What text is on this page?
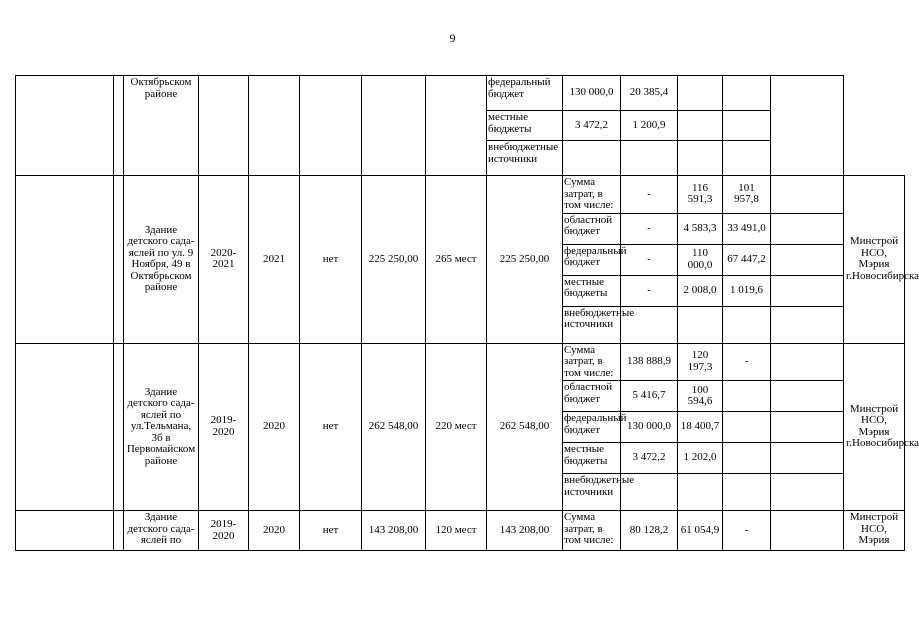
9
		Октябрьском районе						федеральный бюджет	130 000,0	20 385,4				
								местные бюджеты	3 472,2	1 200,9				
								внебюджетные источники						
		Здание детского сада-яслей по ул. 9 Ноября, 49 в Октябрьском районе	2020-2021	2021	нет	225 250,00	265 мест	225 250,00	Сумма затрат, в том числе:	-	116 591,3	101 957,8		Минстрой НСО, Мэрия г.Новосибирска
									областной бюджет	-	4 583,3	33 491,0		
									федеральный бюджет	-	110 000,0	67 447,2		
									местные бюджеты	-	2 008,0	1 019,6		
									внебюджетные источники					
		Здание детского сада-яслей по ул.Тельмана, 3б в Первомайском районе	2019-2020	2020	нет	262 548,00	220 мест	262 548,00	Сумма затрат, в том числе:	138 888,9	120 197,3	-		Минстрой НСО, Мэрия г.Новосибирска
									областной бюджет	5 416,7	100 594,6			
									федеральный бюджет	130 000,0	18 400,7			
									местные бюджеты	3 472,2	1 202,0			
									внебюджетные источники					
		Здание детского сада-яслей по	2019-2020	2020	нет	143 208,00	120 мест	143 208,00	Сумма затрат, в том числе:	80 128,2	61 054,9	-		Минстрой НСО, Мэрия
